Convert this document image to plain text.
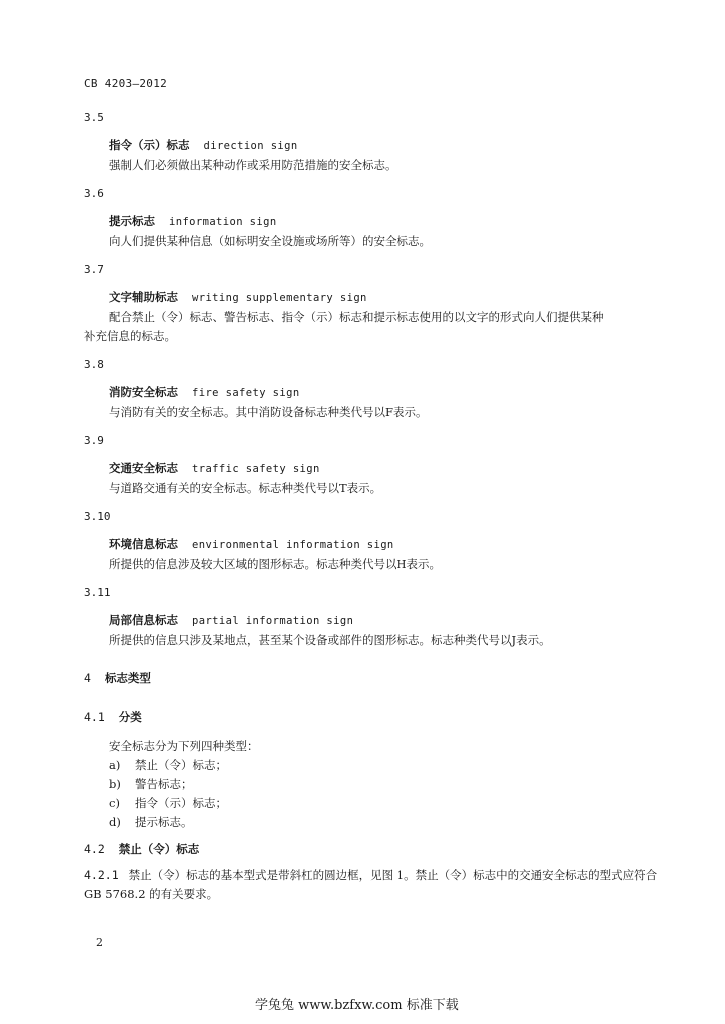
CB 4203—2012
3.5
指令（示）标志 direction sign
强制人们必须做出某种动作或采用防范措施的安全标志。
3.6
提示标志 information sign
向人们提供某种信息（如标明安全设施或场所等）的安全标志。
3.7
文字辅助标志 writing supplementary sign
配合禁止（令）标志、警告标志、指令（示）标志和提示标志使用的以文字的形式向人们提供某种
补充信息的标志。
3.8
消防安全标志 fire safety sign
与消防有关的安全标志。其中消防设备标志种类代号以F表示。
3.9
交通安全标志 traffic safety sign
与道路交通有关的安全标志。标志种类代号以T表示。
3.10
环境信息标志 environmental information sign
所提供的信息涉及较大区域的图形标志。标志种类代号以H表示。
3.11
局部信息标志 partial information sign
所提供的信息只涉及某地点，甚至某个设备或部件的图形标志。标志种类代号以J表示。
4 标志类型
4.1 分类
安全标志分为下列四种类型：
a) 禁止（令）标志；
b) 警告标志；
c) 指令（示）标志；
d) 提示标志。
4.2 禁止（令）标志
4.2.1 禁止（令）标志的基本型式是带斜杠的圆边框，见图 1。禁止（令）标志中的交通安全标志的型式应符合 GB 5768.2 的有关要求。
2
学兔兔 www.bzfxw.com 标准下载
